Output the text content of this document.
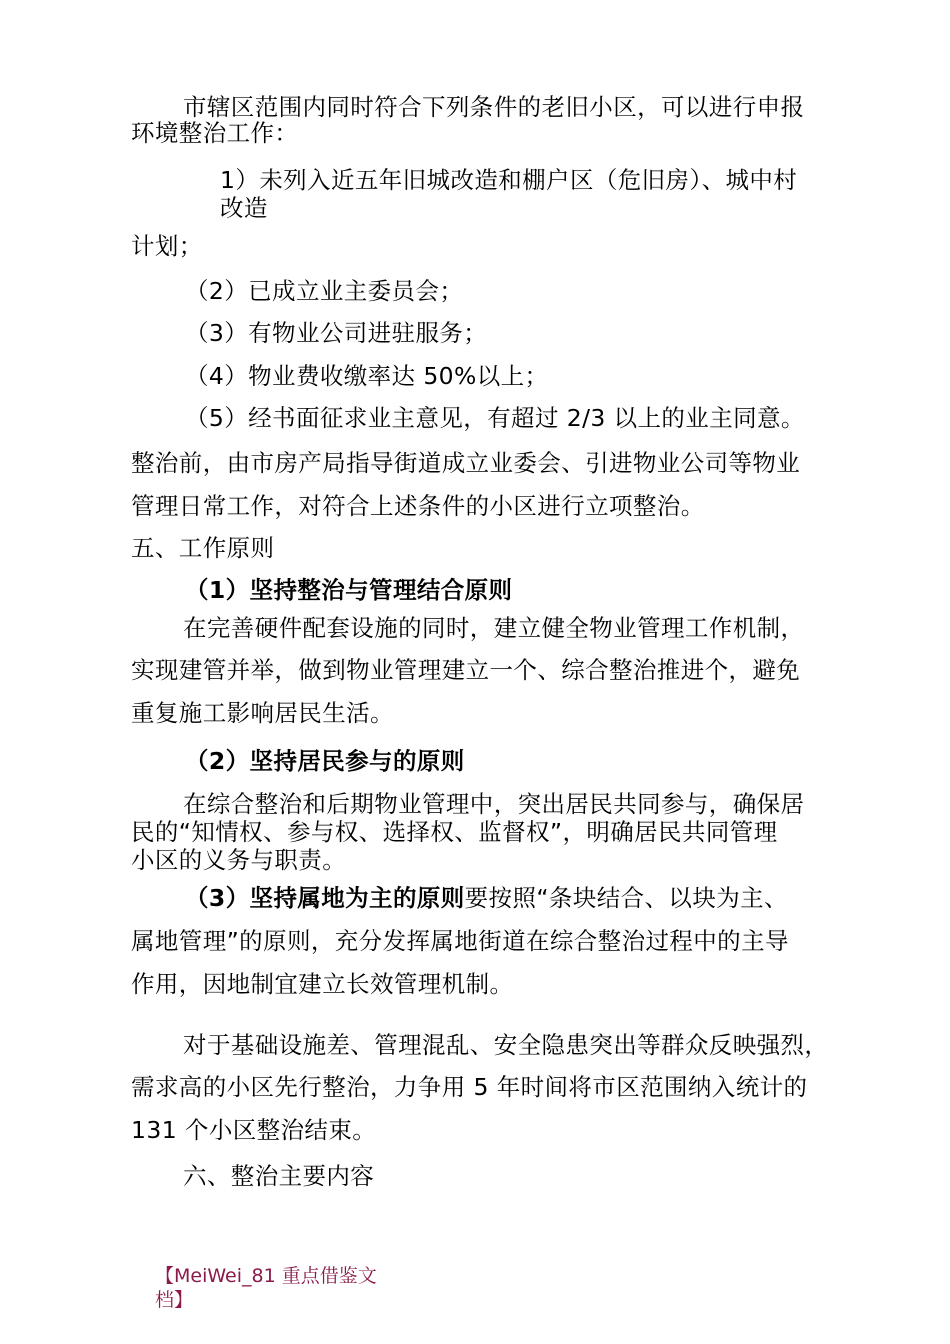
市辖区范围内同时符合下列条件的老旧小区，可以进行申报

环境整治工作：

1）未列入近五年旧城改造和棚户区（危旧房）、城中村

改造

计划；

（2）已成立业主委员会；

（3）有物业公司进驻服务；

（4）物业费收缴率达 50%以上；

（5）经书面征求业主意见，有超过 2/3 以上的业主同意。

整治前，由市房产局指导街道成立业委会、引进物业公司等物业

管理日常工作，对符合上述条件的小区进行立项整治。

五、工作原则

（1）坚持整治与管理结合原则

在完善硬件配套设施的同时，建立健全物业管理工作机制，

实现建管并举，做到物业管理建立一个、综合整治推进个，避免

重复施工影响居民生活。

（2）坚持居民参与的原则

在综合整治和后期物业管理中，突出居民共同参与，确保居

民的“知情权、参与权、选择权、监督权”，明确居民共同管理

小区的义务与职责。

（3）坚持属地为主的原则要按照“条块结合、以块为主、

属地管理”的原则，充分发挥属地街道在综合整治过程中的主导

作用，因地制宜建立长效管理机制。

对于基础设施差、管理混乱、安全隐患突出等群众反映强烈，

需求高的小区先行整治，力争用 5 年时间将市区范围纳入统计的

131 个小区整治结束。

六、整治主要内容

【MeiWei_81 重点借鉴文
档】
